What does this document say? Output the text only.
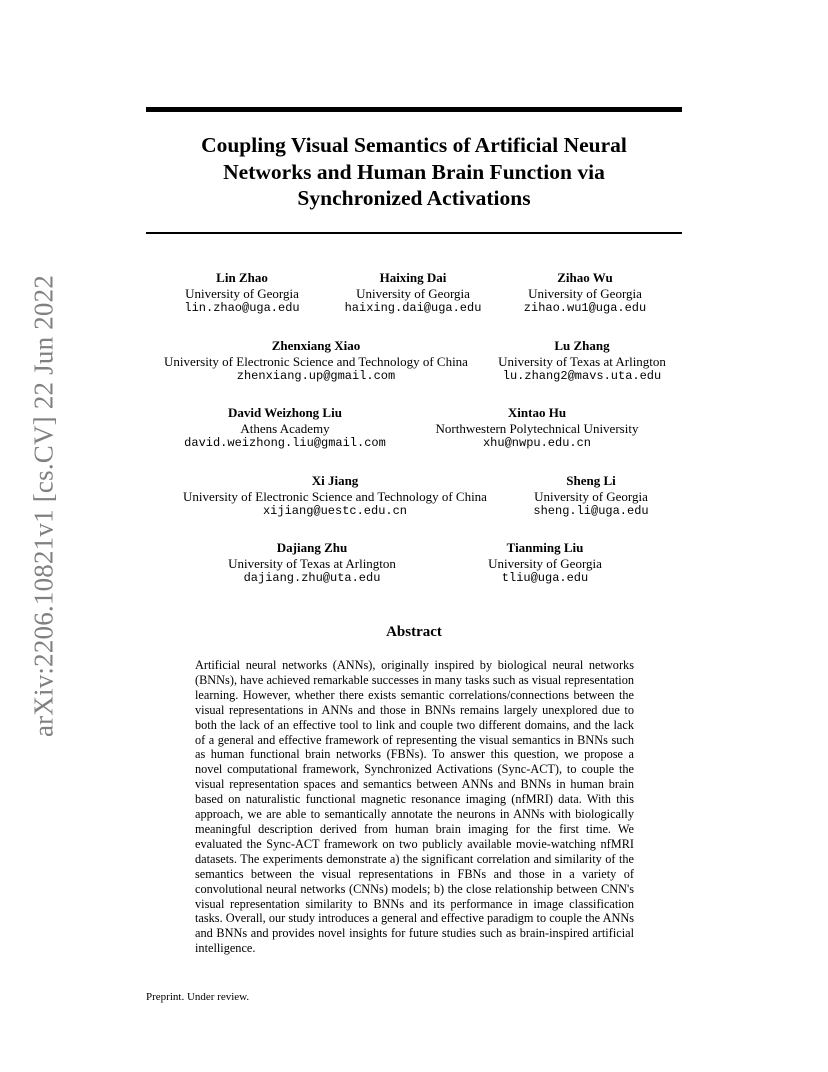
arXiv:2206.10821v1 [cs.CV] 22 Jun 2022
Coupling Visual Semantics of Artificial Neural
Networks and Human Brain Function via
Synchronized Activations
Lin Zhao
University of Georgia
lin.zhao@uga.edu
Haixing Dai
University of Georgia
haixing.dai@uga.edu
Zihao Wu
University of Georgia
zihao.wu1@uga.edu
Zhenxiang Xiao
University of Electronic Science and Technology of China
zhenxiang.up@gmail.com
Lu Zhang
University of Texas at Arlington
lu.zhang2@mavs.uta.edu
David Weizhong Liu
Athens Academy
david.weizhong.liu@gmail.com
Xintao Hu
Northwestern Polytechnical University
xhu@nwpu.edu.cn
Xi Jiang
University of Electronic Science and Technology of China
xijiang@uestc.edu.cn
Sheng Li
University of Georgia
sheng.li@uga.edu
Dajiang Zhu
University of Texas at Arlington
dajiang.zhu@uta.edu
Tianming Liu
University of Georgia
tliu@uga.edu
Abstract
Artificial neural networks (ANNs), originally inspired by biological neural networks (BNNs), have achieved remarkable successes in many tasks such as visual representation learning. However, whether there exists semantic correlations/connections between the visual representations in ANNs and those in BNNs remains largely unexplored due to both the lack of an effective tool to link and couple two different domains, and the lack of a general and effective framework of representing the visual semantics in BNNs such as human functional brain networks (FBNs). To answer this question, we propose a novel computational framework, Synchronized Activations (Sync-ACT), to couple the visual representation spaces and semantics between ANNs and BNNs in human brain based on naturalistic functional magnetic resonance imaging (nfMRI) data. With this approach, we are able to semantically annotate the neurons in ANNs with biologically meaningful description derived from human brain imaging for the first time. We evaluated the Sync-ACT framework on two publicly available movie-watching nfMRI datasets. The experiments demonstrate a) the significant correlation and similarity of the semantics between the visual representations in FBNs and those in a variety of convolutional neural networks (CNNs) models; b) the close relationship between CNN's visual representation similarity to BNNs and its performance in image classification tasks. Overall, our study introduces a general and effective paradigm to couple the ANNs and BNNs and provides novel insights for future studies such as brain-inspired artificial intelligence.
Preprint. Under review.
